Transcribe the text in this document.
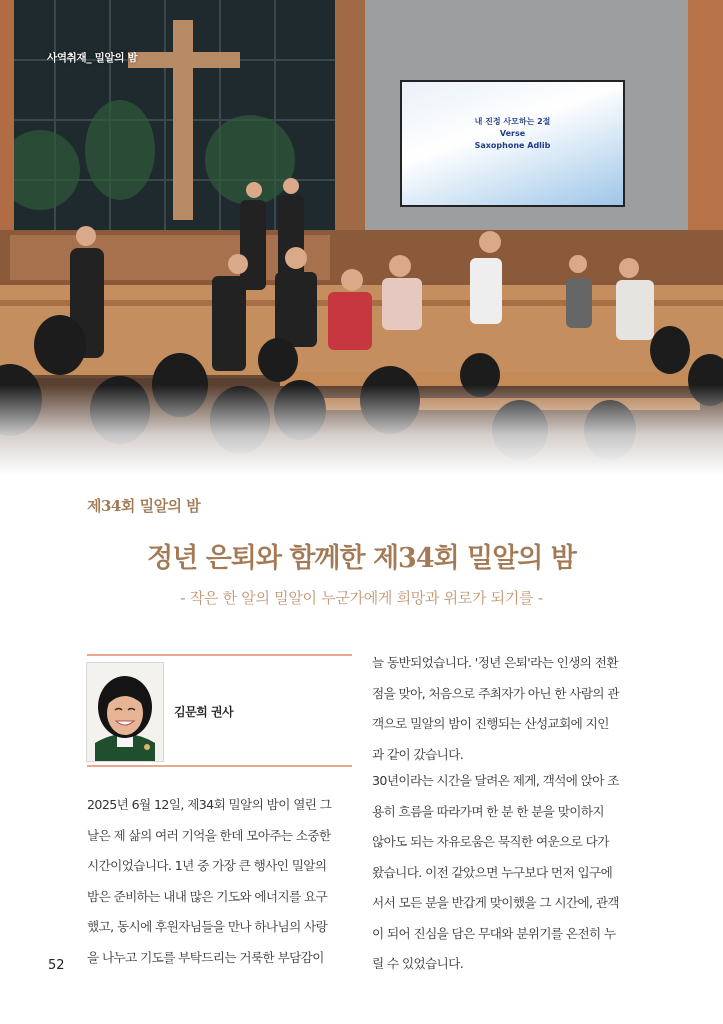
내 진정 사모하는 2절
Verse
Saxophone Adlib
사역취재_ 밀알의 밤
제34회 밀알의 밤
정년 은퇴와 함께한 제34회 밀알의 밤
- 작은 한 알의 밀알이 누군가에게 희망과 위로가 되기를 -
김문희 권사
2025년 6월 12일, 제34회 밀알의 밤이 열린 그
날은 제 삶의 여러 기억을 한데 모아주는 소중한
시간이었습니다. 1년 중 가장 큰 행사인 밀알의
밤은 준비하는 내내 많은 기도와 에너지를 요구
했고, 동시에 후원자님들을 만나 하나님의 사랑
을 나누고 기도를 부탁드리는 거룩한 부담감이
늘 동반되었습니다. '정년 은퇴'라는 인생의 전환
점을 맞아, 처음으로 주최자가 아닌 한 사람의 관
객으로 밀알의 밤이 진행되는 산성교회에 지인
과 같이 갔습니다.
30년이라는 시간을 달려온 제게, 객석에 앉아 조
용히 흐름을 따라가며 한 분 한 분을 맞이하지
않아도 되는 자유로움은 묵직한 여운으로 다가
왔습니다. 이전 같았으면 누구보다 먼저 입구에
서서 모든 분을 반갑게 맞이했을 그 시간에, 관객
이 되어 진심을 담은 무대와 분위기를 온전히 누
릴 수 있었습니다.
52
